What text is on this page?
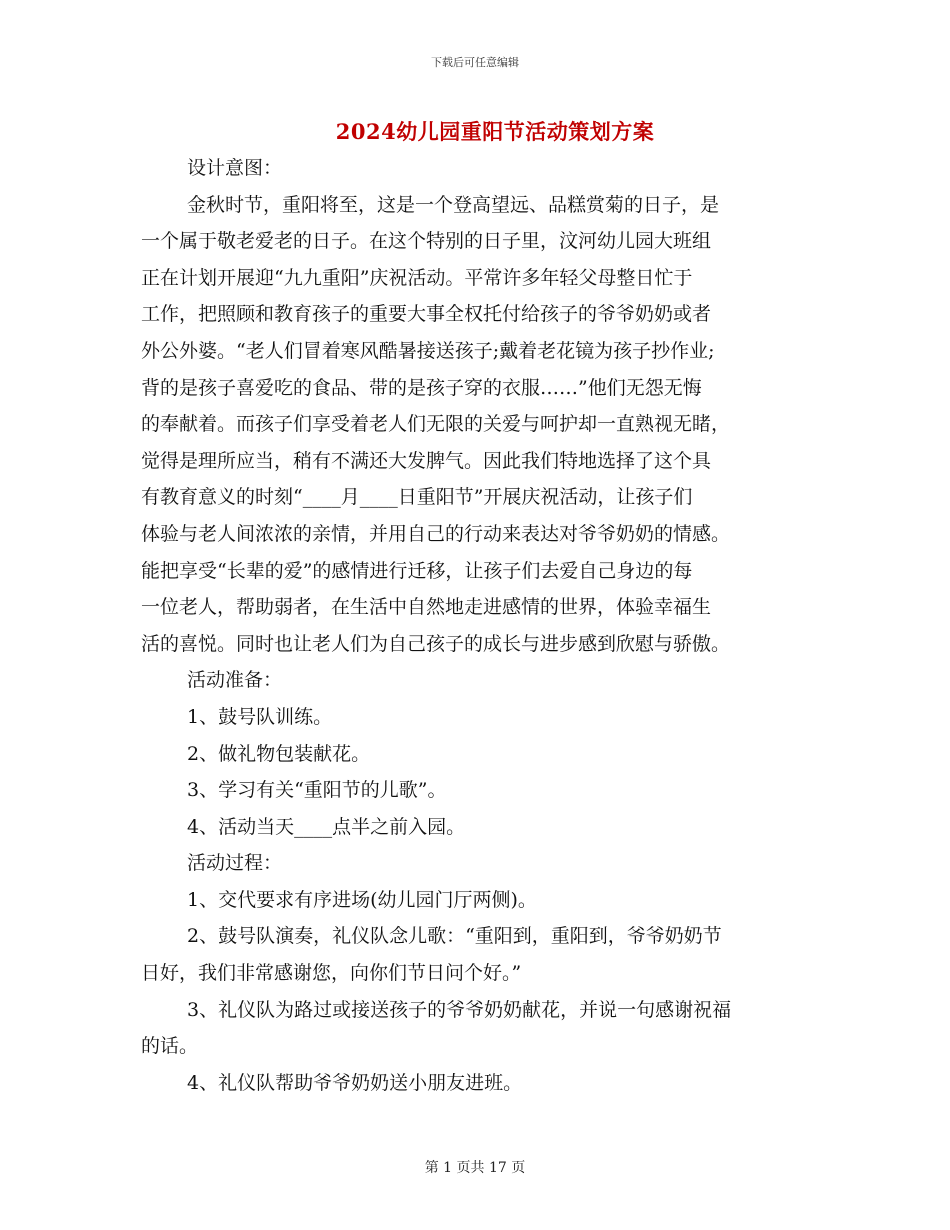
下载后可任意编辑
2024幼儿园重阳节活动策划方案
设计意图：
金秋时节，重阳将至，这是一个登高望远、品糕赏菊的日子，是
一个属于敬老爱老的日子。在这个特别的日子里，汶河幼儿园大班组
正在计划开展迎“九九重阳”庆祝活动。平常许多年轻父母整日忙于
工作，把照顾和教育孩子的重要大事全权托付给孩子的爷爷奶奶或者
外公外婆。“老人们冒着寒风酷暑接送孩子;戴着老花镜为孩子抄作业;
背的是孩子喜爱吃的食品、带的是孩子穿的衣服……”他们无怨无悔
的奉献着。而孩子们享受着老人们无限的关爱与呵护却一直熟视无睹，
觉得是理所应当，稍有不满还大发脾气。因此我们特地选择了这个具
有教育意义的时刻“____月____日重阳节”开展庆祝活动，让孩子们
体验与老人间浓浓的亲情，并用自己的行动来表达对爷爷奶奶的情感。
能把享受“长辈的爱”的感情进行迁移，让孩子们去爱自己身边的每
一位老人，帮助弱者，在生活中自然地走进感情的世界，体验幸福生
活的喜悦。同时也让老人们为自己孩子的成长与进步感到欣慰与骄傲。
活动准备：
1、鼓号队训练。
2、做礼物包装献花。
3、学习有关“重阳节的儿歌”。
4、活动当天____点半之前入园。
活动过程：
1、交代要求有序进场(幼儿园门厅两侧)。
2、鼓号队演奏，礼仪队念儿歌：“重阳到，重阳到，爷爷奶奶节
日好，我们非常感谢您，向你们节日问个好。”
3、礼仪队为路过或接送孩子的爷爷奶奶献花，并说一句感谢祝福
的话。
4、礼仪队帮助爷爷奶奶送小朋友进班。
第 1 页共 17 页
